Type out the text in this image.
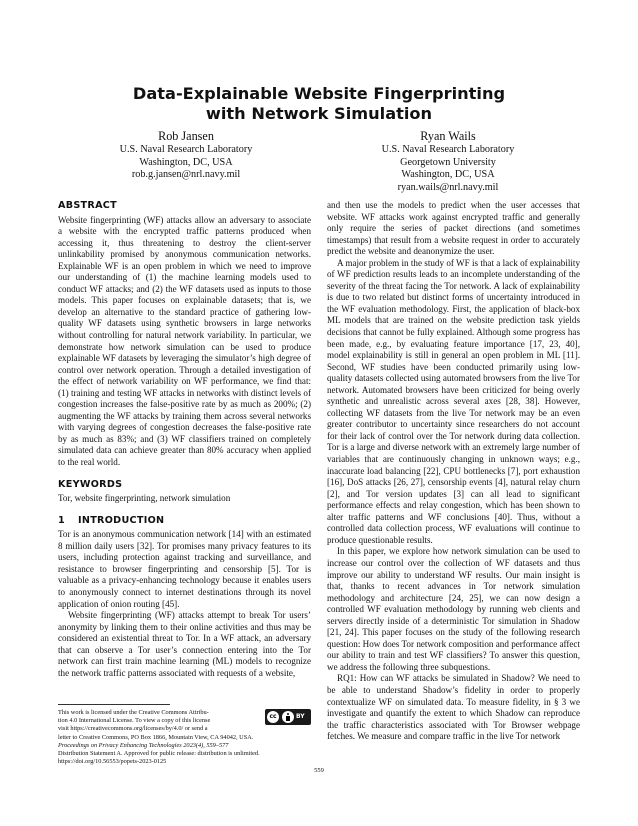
Data-Explainable Website Fingerprinting
with Network Simulation
Rob Jansen
U.S. Naval Research Laboratory
Washington, DC, USA
rob.g.jansen@nrl.navy.mil
Ryan Wails
U.S. Naval Research Laboratory
Georgetown University
Washington, DC, USA
ryan.wails@nrl.navy.mil
ABSTRACT

Website fingerprinting (WF) attacks allow an adversary to associate a website with the encrypted traffic patterns produced when accessing it, thus threatening to destroy the client-server unlinkability promised by anonymous communication networks. Explainable WF is an open problem in which we need to improve our understanding of (1) the machine learning models used to conduct WF attacks; and (2) the WF datasets used as inputs to those models. This paper focuses on explainable datasets; that is, we develop an alternative to the standard practice of gathering low-quality WF datasets using synthetic browsers in large networks without controlling for natural network variability. In particular, we demonstrate how network simulation can be used to produce explainable WF datasets by leveraging the simulator’s high degree of control over network operation. Through a detailed investigation of the effect of network variability on WF performance, we find that: (1) training and testing WF attacks in networks with distinct levels of congestion increases the false-positive rate by as much as 200%; (2) augmenting the WF attacks by training them across several networks with varying degrees of congestion decreases the false-positive rate by as much as 83%; and (3) WF classifiers trained on completely simulated data can achieve greater than 80% accuracy when applied to the real world.

KEYWORDS

Tor, website fingerprinting, network simulation

1 INTRODUCTION

Tor is an anonymous communication network [14] with an estimated 8 million daily users [32]. Tor promises many privacy features to its users, including protection against tracking and surveillance, and resistance to browser fingerprinting and censorship [5]. Tor is valuable as a privacy-enhancing technology because it enables users to anonymously connect to internet destinations through its novel application of onion routing [45].

Website fingerprinting (WF) attacks attempt to break Tor users’ anonymity by linking them to their online activities and thus may be considered an existential threat to Tor. In a WF attack, an adversary that can observe a Tor user’s connection entering into the Tor network can first train machine learning (ML) models to recognize the network traffic patterns associated with requests of a website,

and then use the models to predict when the user accesses that website. WF attacks work against encrypted traffic and generally only require the series of packet directions (and sometimes timestamps) that result from a website request in order to accurately predict the website and deanonymize the user.

A major problem in the study of WF is that a lack of explainability of WF prediction results leads to an incomplete understanding of the severity of the threat facing the Tor network. A lack of explainability is due to two related but distinct forms of uncertainty introduced in the WF evaluation methodology. First, the application of black-box ML models that are trained on the website prediction task yields decisions that cannot be fully explained. Although some progress has been made, e.g., by evaluating feature importance [17, 23, 40], model explainability is still in general an open problem in ML [11]. Second, WF studies have been conducted primarily using low-quality datasets collected using automated browsers from the live Tor network. Automated browsers have been criticized for being overly synthetic and unrealistic across several axes [28, 38]. However, collecting WF datasets from the live Tor network may be an even greater contributor to uncertainty since researchers do not account for their lack of control over the Tor network during data collection. Tor is a large and diverse network with an extremely large number of variables that are continuously changing in unknown ways; e.g., inaccurate load balancing [22], CPU bottlenecks [7], port exhaustion [16], DoS attacks [26, 27], censorship events [4], natural relay churn [2], and Tor version updates [3] can all lead to significant performance effects and relay congestion, which has been shown to alter traffic patterns and WF conclusions [40]. Thus, without a controlled data collection process, WF evaluations will continue to produce questionable results.

In this paper, we explore how network simulation can be used to increase our control over the collection of WF datasets and thus improve our ability to understand WF results. Our main insight is that, thanks to recent advances in Tor network simulation methodology and architecture [24, 25], we can now design a controlled WF evaluation methodology by running web clients and servers directly inside of a deterministic Tor simulation in Shadow [21, 24]. This paper focuses on the study of the following research question: How does Tor network composition and performance affect our ability to train and test WF classifiers? To answer this question, we address the following three subquestions.

RQ1: How can WF attacks be simulated in Shadow? We need to be able to understand Shadow’s fidelity in order to properly contextualize WF on simulated data. To measure fidelity, in § 3 we investigate and quantify the extent to which Shadow can reproduce the traffic characteristics associated with Tor Browser webpage fetches. We measure and compare traffic in the live Tor network

This work is licensed under the Creative Commons Attribu-
tion 4.0 International License. To view a copy of this license
visit https://creativecommons.org/licenses/by/4.0/ or send a
letter to Creative Commons, PO Box 1866, Mountain View, CA 94042, USA.
Proceedings on Privacy Enhancing Technologies 2023(4), 559–577
Distribution Statement A. Approved for public release: distribution is unlimited.
https://doi.org/10.56553/popets-2023-0125
cc	BY
559
